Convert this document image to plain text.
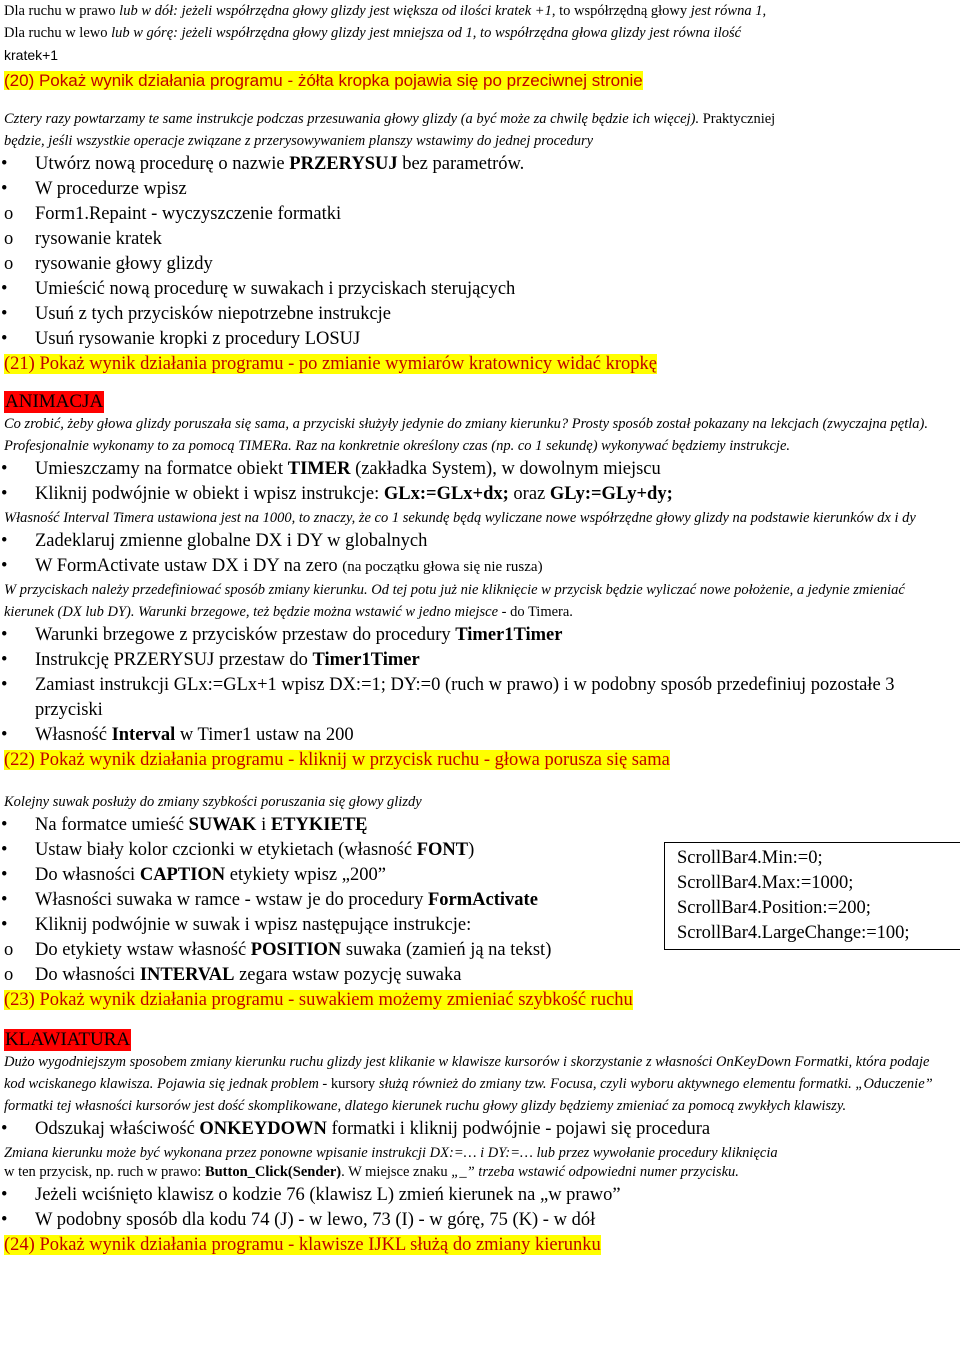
Dla ruchu w prawo lub w dół: jeżeli współrzędna głowy glizdy jest większa od ilości kratek +1, to współrzędną głowy jest równa 1,
Dla ruchu w lewo lub w górę: jeżeli współrzędna głowy glizdy jest mniejsza od 1, to współrzędna głowa glizdy jest równa ilość
kratek+1
(20) Pokaż wynik działania programu - żółta kropka pojawia się po przeciwnej stronie
Cztery razy powtarzamy te same instrukcje podczas przesuwania głowy glizdy (a być może za chwilę będzie ich więcej). Praktyczniej
będzie, jeśli wszystkie operacje związane z przerysowywaniem planszy wstawimy do jednej procedury
• Utwórz nową procedurę o nazwie PRZERYSUJ bez parametrów.
• W procedurze wpisz
o Form1.Repaint - wyczyszczenie formatki
o rysowanie kratek
o rysowanie głowy glizdy
• Umieścić nową procedurę w suwakach i przyciskach sterujących
• Usuń z tych przycisków niepotrzebne instrukcje
• Usuń rysowanie kropki z procedury LOSUJ
(21) Pokaż wynik działania programu - po zmianie wymiarów kratownicy widać kropkę
ANIMACJA
Co zrobić, żeby głowa glizdy poruszała się sama, a przyciski służyły jedynie do zmiany kierunku? Prosty sposób został pokazany na lekcjach (zwyczajna pętla). Profesjonalnie wykonamy to za pomocą TIMERa. Raz na konkretnie określony czas (np. co 1 sekundę) wykonywać będziemy instrukcje.
• Umieszczamy na formatce obiekt TIMER (zakładka System), w dowolnym miejscu
• Kliknij podwójnie w obiekt i wpisz instrukcje: GLx:=GLx+dx; oraz GLy:=GLy+dy;
Własność Interval Timera ustawiona jest na 1000, to znaczy, że co 1 sekundę będą wyliczane nowe współrzędne głowy glizdy na podstawie kierunków dx i dy
• Zadeklaruj zmienne globalne DX i DY w globalnych
• W FormActivate ustaw DX i DY na zero (na początku głowa się nie rusza)
W przyciskach należy przedefiniować sposób zmiany kierunku. Od tej potu już nie kliknięcie w przycisk będzie wyliczać nowe położenie, a jedynie zmieniać kierunek (DX lub DY). Warunki brzegowe, też będzie można wstawić w jedno miejsce - do Timera.
• Warunki brzegowe z przycisków przestaw do procedury Timer1Timer
• Instrukcję PRZERYSUJ przestaw do Timer1Timer
• Zamiast instrukcji GLx:=GLx+1 wpisz DX:=1; DY:=0 (ruch w prawo) i w podobny sposób przedefiniuj pozostałe 3 przyciski
• Własność Interval w Timer1 ustaw na 200
(22) Pokaż wynik działania programu - kliknij w przycisk ruchu - głowa porusza się sama
Kolejny suwak posłuży do zmiany szybkości poruszania się głowy glizdy
• Na formatce umieść SUWAK i ETYKIETĘ
• Ustaw biały kolor czcionki w etykietach (własność FONT)
• Do własności CAPTION etykiety wpisz „200”
• Własności suwaka w ramce - wstaw je do procedury FormActivate
• Kliknij podwójnie w suwak i wpisz następujące instrukcje:
o Do etykiety wstaw własność POSITION suwaka (zamień ją na tekst)
o Do własności INTERVAL zegara wstaw pozycję suwaka
(23) Pokaż wynik działania programu - suwakiem możemy zmieniać szybkość ruchu
KLAWIATURA
Dużo wygodniejszym sposobem zmiany kierunku ruchu glizdy jest klikanie w klawisze kursorów i skorzystanie z własności OnKeyDown Formatki, która podaje kod wciskanego klawisza. Pojawia się jednak problem - kursory służą również do zmiany tzw. Focusa, czyli wyboru aktywnego elementu formatki. „Oduczenie” formatki tej własności kursorów jest dość skomplikowane, dlatego kierunek ruchu głowy glizdy będziemy zmieniać za pomocą zwykłych klawiszy.
• Odszukaj właściwość ONKEYDOWN formatki i kliknij podwójnie - pojawi się procedura
Zmiana kierunku może być wykonana przez ponowne wpisanie instrukcji DX:=… i DY:=… lub przez wywołanie procedury kliknięcia
w ten przycisk, np. ruch w prawo: Button_Click(Sender). W miejsce znaku „_” trzeba wstawić odpowiedni numer przycisku.
• Jeżeli wciśnięto klawisz o kodzie 76 (klawisz L) zmień kierunek na „w prawo”
• W podobny sposób dla kodu 74 (J) - w lewo, 73 (I) - w górę, 75 (K) - w dół
(24) Pokaż wynik działania programu - klawisze IJKL służą do zmiany kierunku
ScrollBar4.Min:=0;
ScrollBar4.Max:=1000;
ScrollBar4.Position:=200;
ScrollBar4.LargeChange:=100;
